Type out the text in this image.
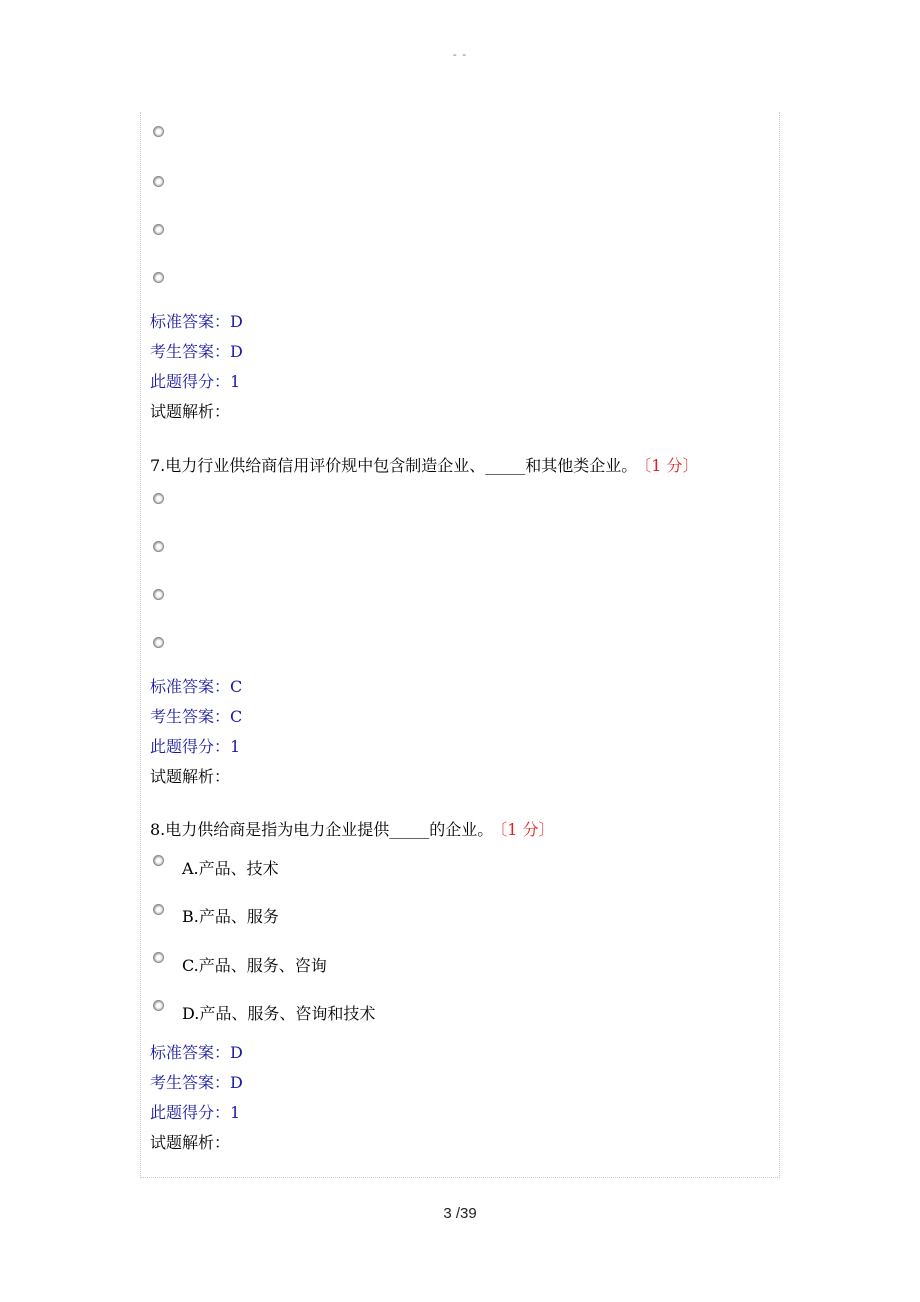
- -
标准答案：D
考生答案：D
此题得分：1
试题解析：
7.电力行业供给商信用评价规中包含制造企业、_____和其他类企业。 〔1 分〕
标准答案：C
考生答案：C
此题得分：1
试题解析：
8.电力供给商是指为电力企业提供_____的企业。 〔1 分〕
A.产品、技术
B.产品、服务
C.产品、服务、咨询
D.产品、服务、咨询和技术
标准答案：D
考生答案：D
此题得分：1
试题解析：
3 /39
